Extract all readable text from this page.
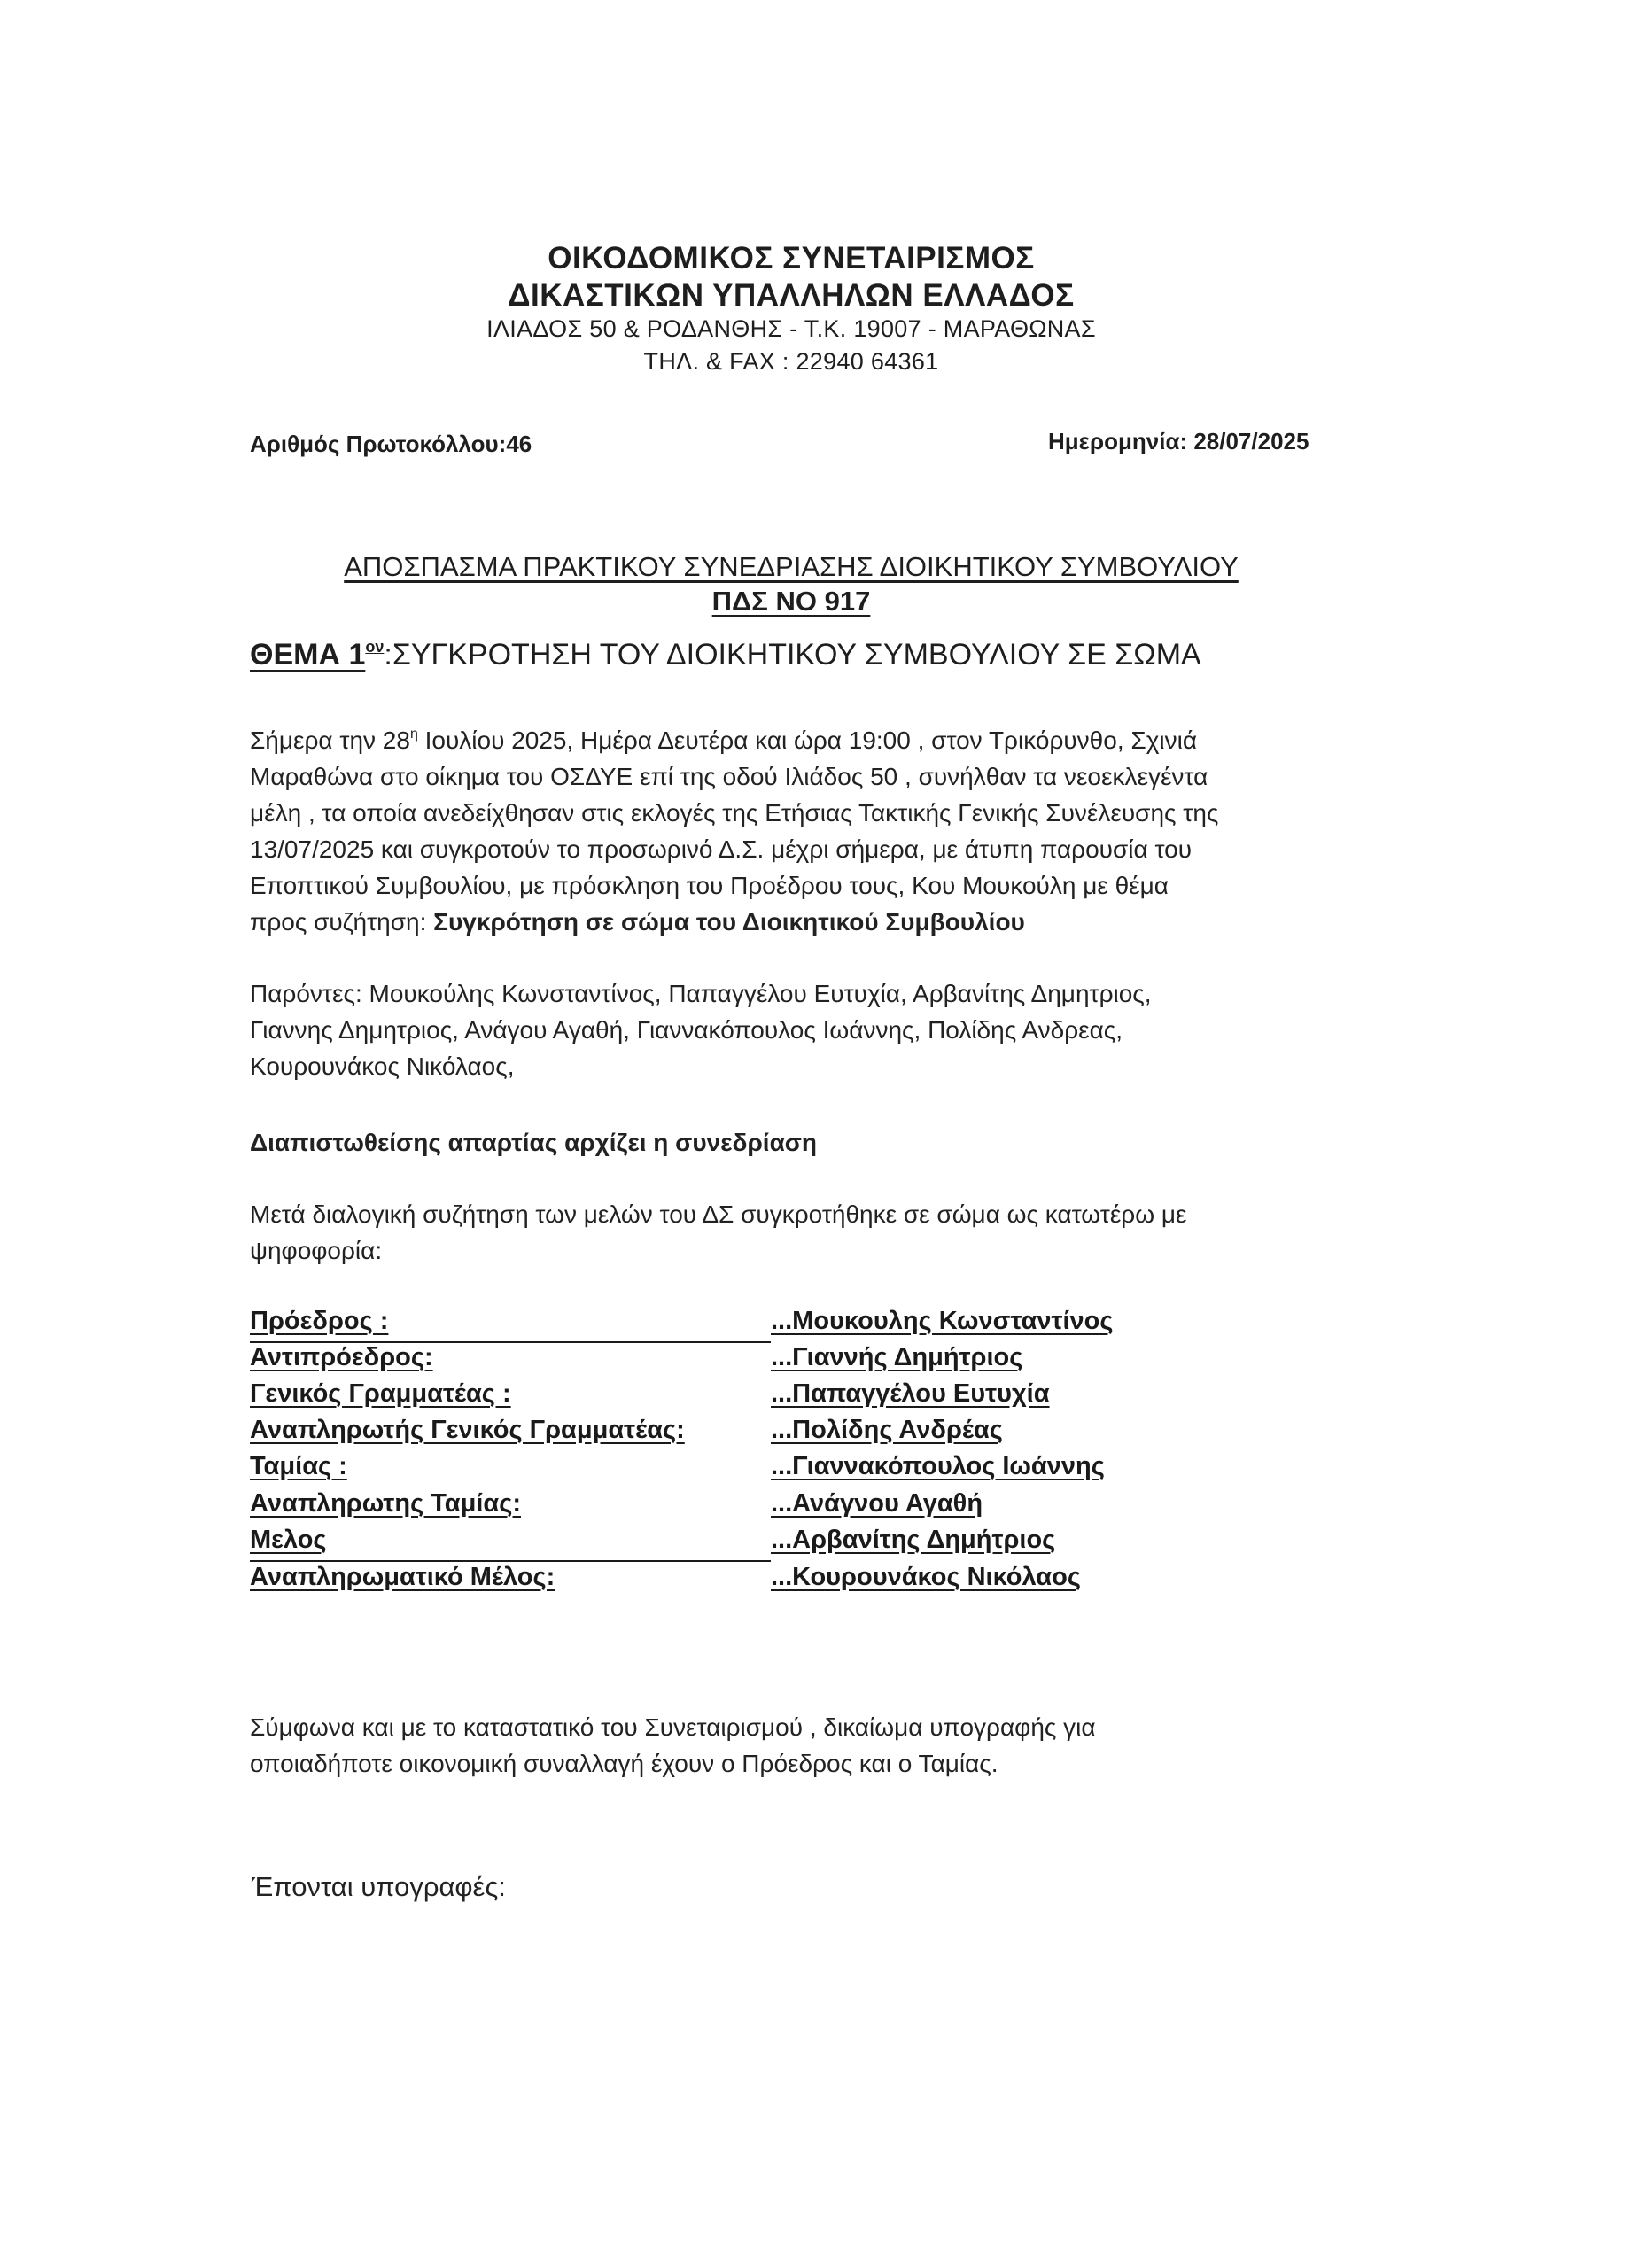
ΟΙΚΟΔΟΜΙΚΟΣ ΣΥΝΕΤΑΙΡΙΣΜΟΣ
ΔΙΚΑΣΤΙΚΩΝ ΥΠΑΛΛΗΛΩΝ ΕΛΛΑΔΟΣ
ΙΛΙΑΔΟΣ 50 & ΡΟΔΑΝΘΗΣ - Τ.Κ. 19007 - ΜΑΡΑΘΩΝΑΣ
ΤΗΛ. & FAX : 22940 64361
Αριθμός Πρωτοκόλλου:46	Ημερομηνία: 28/07/2025
ΑΠΟΣΠΑΣΜΑ ΠΡΑΚΤΙΚΟΥ ΣΥΝΕΔΡΙΑΣΗΣ ΔΙΟΙΚΗΤΙΚΟΥ ΣΥΜΒΟΥΛΙΟΥ
ΠΔΣ ΝΟ 917
ΘΕΜΑ $1^{o\nu}:\Sigma\Upsilon\Gamma KPOTH\Sigma H$ ΤΟΥ ΔΙΟΙΚΗΤΙΚΟΥ ΣΥΜΒΟΥΛΙΟΥ ΣΕ ΣΩΜΑ
Σήμερα την $28^\eta$ Ιουλίου 2025, Ημέρα Δευτέρα και ώρα 19:00 , στον Τρικόρυνθο, Σχινιά
Μαραθώνα στο οίκημα του ΟΣΔΥΕ επί της οδού Ιλιάδος 50 , συνήλθαν τα νεοεκλεγέντα
μέλη , τα οποία ανεδείχθησαν στις εκλογές της Ετήσιας Τακτικής Γενικής Συνέλευσης της
13/07/2025 και συγκροτούν το προσωρινό Δ.Σ. μέχρι σήμερα, με άτυπη παρουσία του
Εποπτικού Συμβουλίου, με πρόσκληση του Προέδρου τους, Κου Μουκούλη με θέμα
προς συζήτηση: Συγκρότηση σε σώμα του Διοικητικού Συμβουλίου
Παρόντες: Μουκούλης Κωνσταντίνος, Παπαγγέλου Ευτυχία, Αρβανίτης Δημητριος,
Γιαννης Δημητριος, Ανάγου Αγαθή, Γιαννακόπουλος Ιωάννης, Πολίδης Ανδρεας,
Κουρουνάκος Νικόλαος,
Διαπιστωθείσης απαρτίας αρχίζει η συνεδρίαση
Μετά διαλογική συζήτηση των μελών του ΔΣ συγκροτήθηκε σε σώμα ως κατωτέρω με
ψηφοφορία:
Πρόεδρος :	...Μουκουλης Κωνσταντίνος
Αντιπρόεδρος:	...Γιαννής Δημήτριος
Γενικός Γραμματέας :	...Παπαγγέλου Ευτυχία
Αναπληρωτής Γενικός Γραμματέας:	...Πολίδης Ανδρέας
Ταμίας :	...Γιαννακόπουλος Ιωάννης
Αναπληρωτης Ταμίας:	...Ανάγνου Αγαθή
Μελος	...Αρβανίτης Δημήτριος
Αναπληρωματικό Μέλος:	...Κουρουνάκος Νικόλαος
Σύμφωνα και με το καταστατικό του Συνεταιρισμού , δικαίωμα υπογραφής για
οποιαδήποτε οικονομική συναλλαγή έχουν ο Πρόεδρος και ο Ταμίας.
Έπονται υπογραφές:
